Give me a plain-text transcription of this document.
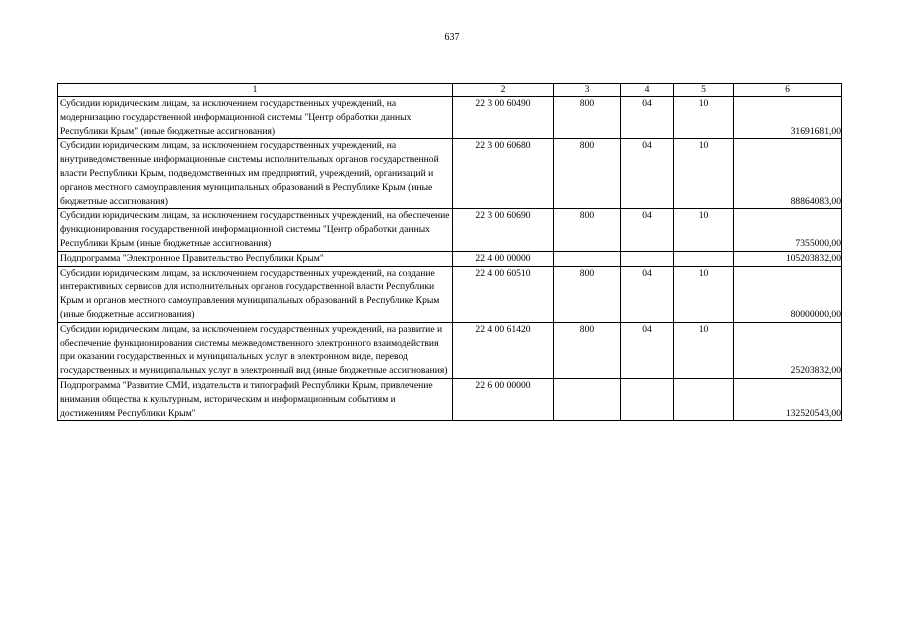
637
1	2	3	4	5	6
Субсидии юридическим лицам, за исключением государственных учреждений, на модернизацию государственной информационной системы "Центр обработки данных Республики Крым" (иные бюджетные ассигнования)	22 3 00 60490	800	04	10	31691681,00
Субсидии юридическим лицам, за исключением государственных учреждений, на внутриведомственные информационные системы исполнительных органов государственной власти Республики Крым, подведомственных им предприятий, учреждений, организаций и органов местного самоуправления муниципальных образований в Республике Крым (иные бюджетные ассигнования)	22 3 00 60680	800	04	10	88864083,00
Субсидии юридическим лицам, за исключением государственных учреждений, на обеспечение функционирования государственной информационной системы "Центр обработки данных Республики Крым (иные бюджетные ассигнования)	22 3 00 60690	800	04	10	7355000,00
Подпрограмма "Электронное Правительство Республики Крым"	22 4 00 00000				105203832,00
Субсидии юридическим лицам, за исключением государственных учреждений, на создание интерактивных сервисов для исполнительных органов государственной власти Республики Крым и органов местного самоуправления муниципальных образований в Республике Крым (иные бюджетные ассигнования)	22 4 00 60510	800	04	10	80000000,00
Субсидии юридическим лицам, за исключением государственных учреждений, на развитие и обеспечение функционирования системы межведомственного электронного взаимодействия при оказании государственных и муниципальных услуг в электронном виде, перевод государственных и муниципальных услуг в электронный вид (иные бюджетные ассигнования)	22 4 00 61420	800	04	10	25203832,00
Подпрограмма "Развитие СМИ, издательств и типографий Республики Крым, привлечение внимания общества к культурным, историческим и информационным событиям и достижениям Республики Крым"	22 6 00 00000				132520543,00
